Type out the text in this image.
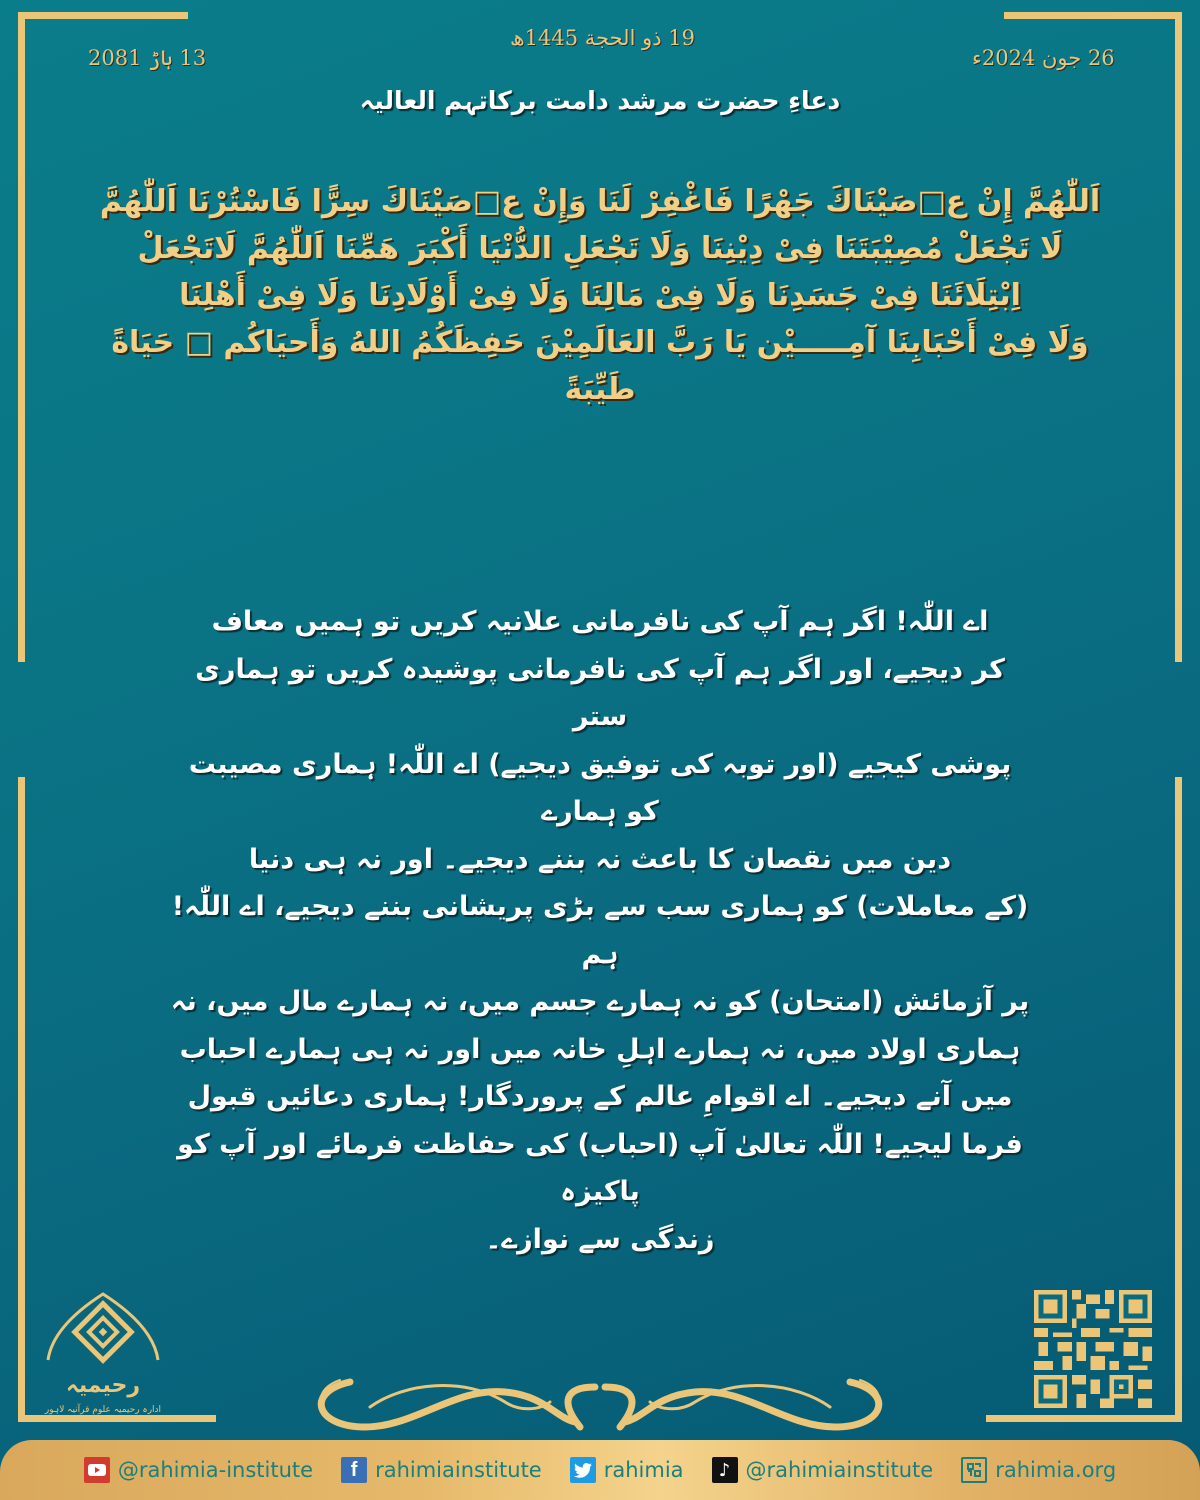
19 ذو الحجة 1445ھ
26 جون 2024ء
13 ہاڑ 2081
دعاءِ حضرت مرشد دامت برکاتہم العالیہ
اَللّٰھُمَّ إِنْ ع□صَیْنَاكَ جَھْرًا فَاغْفِرْ لَنَا وَإِنْ ع□صَیْنَاكَ سِرًّا فَاسْتُرْنَا اَللّٰھُمَّ
لَا تَجْعَلْ مُصِیْبَتَنَا فِیْ دِیْنِنَا وَلَا تَجْعَلِ الدُّنْیَا أَكْبَرَ هَمِّنَا اَللّٰھُمَّ لَاتَجْعَلْ
اِبْتِلَائَنَا فِیْ جَسَدِنَا وَلَا فِیْ مَالِنَا وَلَا فِیْ أَوْلَادِنَا وَلَا فِیْ أَھْلِنَا
وَلَا فِیْ أَحْبَابِنَا آمِـــــیْن یَا رَبَّ العَالَمِیْنَ حَفِظَكُمُ اللهُ وَأَحیَاكُم □ حَیَاةً
طَیِّبَةً
اے اللّٰہ! اگر ہم آپ کی نافرمانی علانیہ کریں تو ہمیں معاف
کر دیجیے، اور اگر ہم آپ کی نافرمانی پوشیدہ کریں تو ہماری ستر
پوشی کیجیے (اور توبہ کی توفیق دیجیے) اے اللّٰہ! ہماری مصیبت کو ہمارے
دین میں نقصان کا باعث نہ بننے دیجیے۔ اور نہ ہی دنیا
(کے معاملات) کو ہماری سب سے بڑی پریشانی بننے دیجیے، اے اللّٰہ! ہم
پر آزمائش (امتحان) کو نہ ہمارے جسم میں، نہ ہمارے مال میں، نہ
ہماری اولاد میں، نہ ہمارے اہلِ خانہ میں اور نہ ہی ہمارے احباب
میں آنے دیجیے۔ اے اقوامِ عالم کے پروردگار! ہماری دعائیں قبول
فرما لیجیے! اللّٰہ تعالیٰ آپ (احباب) کی حفاظت فرمائے اور آپ کو پاکیزہ
زندگی سے نوازے۔
رحیمیہ
ادارہ رحیمیہ علومِ قرآنیہ لاہور
@rahimia-institute	f rahimiainstitute	rahimia	♪ @rahimiainstitute	rahimia.org
